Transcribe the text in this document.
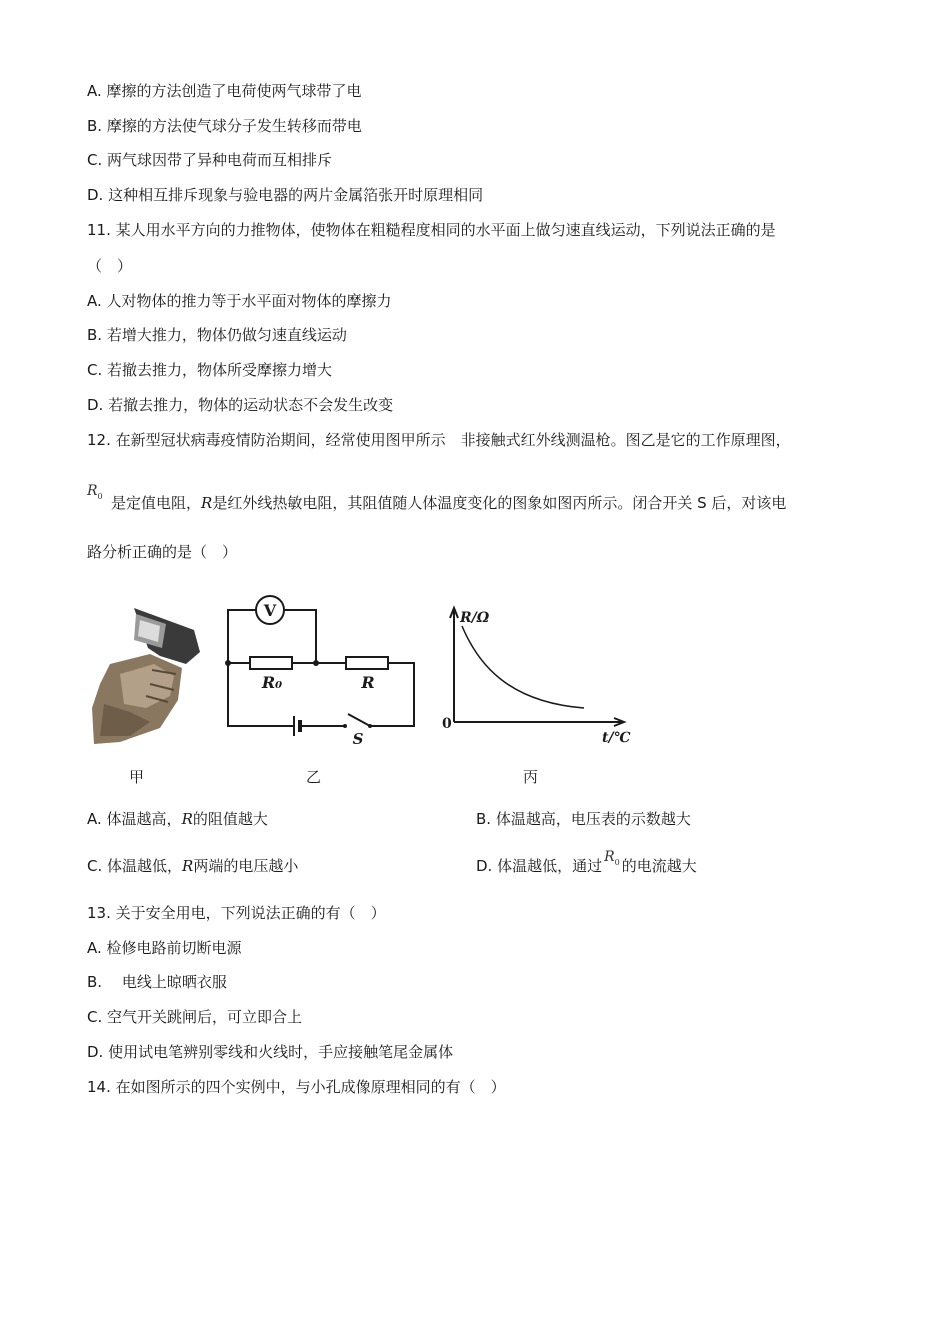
A. 摩擦的方法创造了电荷使两气球带了电
B. 摩擦的方法使气球分子发生转移而带电
C. 两气球因带了异种电荷而互相排斥
D. 这种相互排斥现象与验电器的两片金属箔张开时原理相同
11. 某人用水平方向的力推物体，使物体在粗糙程度相同的水平面上做匀速直线运动，下列说法正确的是
（　）
A. 人对物体的推力等于水平面对物体的摩擦力
B. 若增大推力，物体仍做匀速直线运动
C. 若撤去推力，物体所受摩擦力增大
D. 若撤去推力，物体的运动状态不会发生改变
12. 在新型冠状病毒疫情防治期间，经常使用图甲所示　非接触式红外线测温枪。图乙是它的工作原理图，
$R_0$ 是定值电阻，R是红外线热敏电阻，其阻值随人体温度变化的图象如图丙所示。闭合开关 S 后，对该电
路分析正确的是（　）
甲
V
R₀	R
S
乙
R/Ω
t/℃
0
丙
A. 体温越高，R的阻值越大	B. 体温越高，电压表的示数越大
C. 体温越低，R两端的电压越小	D. 体温越低，通过 $R_0$ 的电流越大
13. 关于安全用电，下列说法正确的有（　）
A. 检修电路前切断电源
B. 　电线上晾晒衣服
C. 空气开关跳闸后，可立即合上
D. 使用试电笔辨别零线和火线时，手应接触笔尾金属体
14. 在如图所示的四个实例中，与小孔成像原理相同的有（　）
